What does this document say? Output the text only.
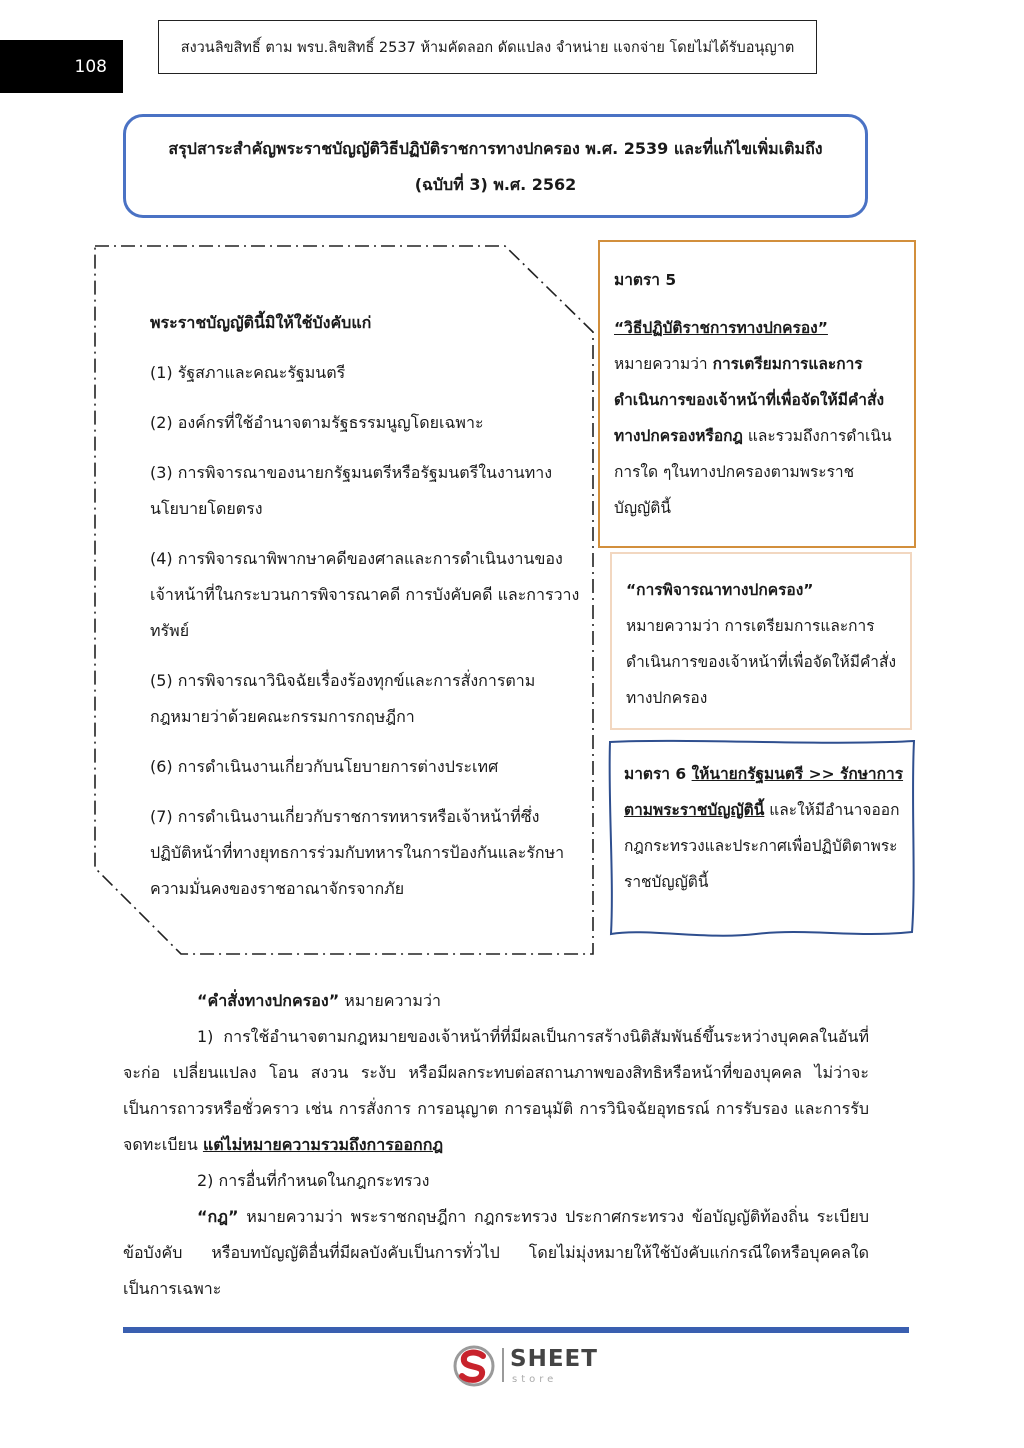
108
สงวนลิขสิทธิ์ ตาม พรบ.ลิขสิทธิ์ 2537 ห้ามคัดลอก ดัดแปลง จำหน่าย แจกจ่าย โดยไม่ได้รับอนุญาต
สรุปสาระสำคัญพระราชบัญญัติวิธีปฏิบัติราชการทางปกครอง พ.ศ. 2539 และที่แก้ไขเพิ่มเติมถึง
(ฉบับที่ 3) พ.ศ. 2562

พระราชบัญญัตินี้มิให้ใช้บังคับแก่

(1) รัฐสภาและคณะรัฐมนตรี

(2) องค์กรที่ใช้อำนาจตามรัฐธรรมนูญโดยเฉพาะ

(3) การพิจารณาของนายกรัฐมนตรีหรือรัฐมนตรีในงานทางนโยบายโดยตรง

(4) การพิจารณาพิพากษาคดีของศาลและการดำเนินงานของเจ้าหน้าที่ในกระบวนการพิจารณาคดี การบังคับคดี และการวางทรัพย์

(5) การพิจารณาวินิจฉัยเรื่องร้องทุกข์และการสั่งการตามกฎหมายว่าด้วยคณะกรรมการกฤษฎีกา

(6) การดำเนินงานเกี่ยวกับนโยบายการต่างประเทศ

(7) การดำเนินงานเกี่ยวกับราชการทหารหรือเจ้าหน้าที่ซึ่งปฏิบัติหน้าที่ทางยุทธการร่วมกับทหารในการป้องกันและรักษาความมั่นคงของราชอาณาจักรจากภัย

มาตรา 5
“วิธีปฏิบัติราชการทางปกครอง”
หมายความว่า การเตรียมการและการดำเนินการของเจ้าหน้าที่เพื่อจัดให้มีคำสั่งทางปกครองหรือกฎ และรวมถึงการดำเนินการใด ๆในทางปกครองตามพระราชบัญญัตินี้
“การพิจารณาทางปกครอง”
หมายความว่า การเตรียมการและการดำเนินการของเจ้าหน้าที่เพื่อจัดให้มีคำสั่งทางปกครอง
มาตรา 6 ให้นายกรัฐมนตรี >> รักษาการตามพระราชบัญญัตินี้ และให้มีอำนาจออกกฎกระทรวงและประกาศเพื่อปฏิบัติตาพระราชบัญญัตินี้

“คำสั่งทางปกครอง” หมายความว่า

1) การใช้อำนาจตามกฎหมายของเจ้าหน้าที่ที่มีผลเป็นการสร้างนิติสัมพันธ์ขึ้นระหว่างบุคคลในอันที่จะก่อ เปลี่ยนแปลง โอน สงวน ระงับ หรือมีผลกระทบต่อสถานภาพของสิทธิหรือหน้าที่ของบุคคล ไม่ว่าจะเป็นการถาวรหรือชั่วคราว เช่น การสั่งการ การอนุญาต การอนุมัติ การวินิจฉัยอุทธรณ์ การรับรอง และการรับจดทะเบียน แต่ไม่หมายความรวมถึงการออกกฎ

2) การอื่นที่กำหนดในกฎกระทรวง

“กฎ” หมายความว่า พระราชกฤษฎีกา กฎกระทรวง ประกาศกระทรวง ข้อบัญญัติท้องถิ่น ระเบียบ ข้อบังคับ หรือบทบัญญัติอื่นที่มีผลบังคับเป็นการทั่วไป โดยไม่มุ่งหมายให้ใช้บังคับแก่กรณีใดหรือบุคคลใดเป็นการเฉพาะ

SHEET
store
